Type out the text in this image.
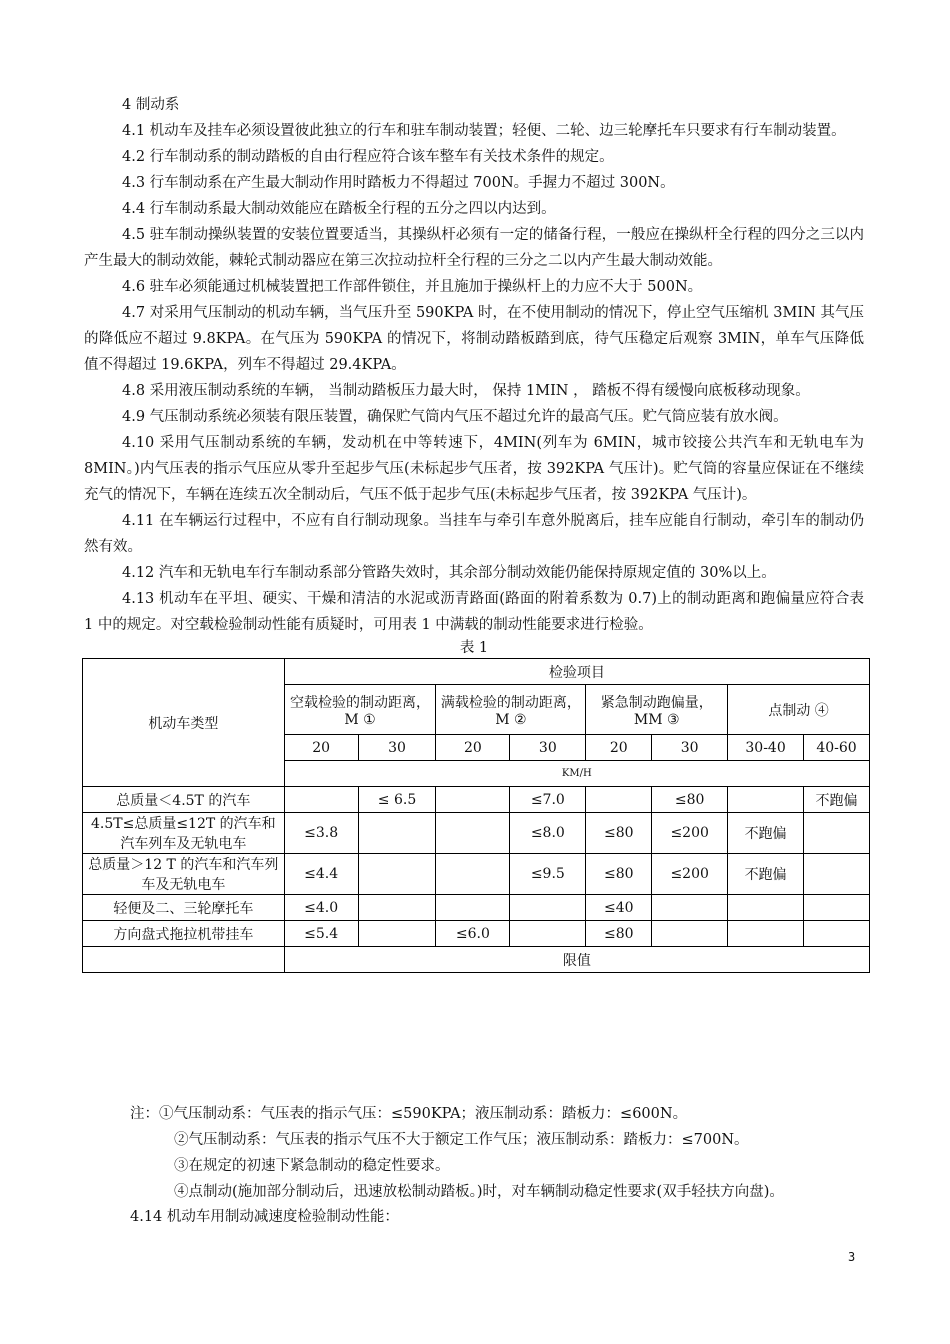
4 制动系

4.1 机动车及挂车必须设置彼此独立的行车和驻车制动装置；轻便、二轮、边三轮摩托车只要求有行车制动装置。

4.2 行车制动系的制动踏板的自由行程应符合该车整车有关技术条件的规定。

4.3 行车制动系在产生最大制动作用时踏板力不得超过 700N。手握力不超过 300N。

4.4 行车制动系最大制动效能应在踏板全行程的五分之四以内达到。

4.5 驻车制动操纵装置的安装位置要适当，其操纵杆必须有一定的储备行程，一般应在操纵杆全行程的四分之三以内产生最大的制动效能，棘轮式制动器应在第三次拉动拉杆全行程的三分之二以内产生最大制动效能。

4.6 驻车必须能通过机械装置把工作部件锁住，并且施加于操纵杆上的力应不大于 500N。

4.7 对采用气压制动的机动车辆，当气压升至 590KPA 时，在不使用制动的情况下，停止空气压缩机 3MIN 其气压的降低应不超过 9.8KPA。在气压为 590KPA 的情况下，将制动踏板踏到底，待气压稳定后观察 3MIN，单车气压降低值不得超过 19.6KPA，列车不得超过 29.4KPA。

4.8 采用液压制动系统的车辆， 当制动踏板压力最大时， 保持 1MIN ， 踏板不得有缓慢向底板移动现象。

4.9 气压制动系统必须装有限压装置，确保贮气筒内气压不超过允许的最高气压。贮气筒应装有放水阀。

4.10 采用气压制动系统的车辆，发动机在中等转速下，4MIN(列车为 6MIN，城市铰接公共汽车和无轨电车为 8MIN。)内气压表的指示气压应从零升至起步气压(未标起步气压者，按 392KPA 气压计)。贮气筒的容量应保证在不继续充气的情况下，车辆在连续五次全制动后，气压不低于起步气压(未标起步气压者，按 392KPA 气压计)。

4.11 在车辆运行过程中，不应有自行制动现象。当挂车与牵引车意外脱离后，挂车应能自行制动，牵引车的制动仍然有效。

4.12 汽车和无轨电车行车制动系部分管路失效时，其余部分制动效能仍能保持原规定值的 30%以上。

4.13 机动车在平坦、硬实、干燥和清洁的水泥或沥青路面(路面的附着系数为 0.7)上的制动距离和跑偏量应符合表 1 中的规定。对空载检验制动性能有质疑时，可用表 1 中满载的制动性能要求进行检验。

表 1

机动车类型	检验项目							
	空载检验的制动距离，M ①		满载检验的制动距离，M ②		紧急制动跑偏量，MM ③		点制动 ④	
	20	30	20	30	20	30	30-40	40-60
	KM/H							
总质量＜4.5T 的汽车		≤ 6.5		≤7.0		≤80		不跑偏
4.5T≤总质量≤12T 的汽车和汽车列车及无轨电车	≤3.8			≤8.0	≤80	≤200	不跑偏	
总质量＞12 T 的汽车和汽车列车及无轨电车	≤4.4			≤9.5	≤80	≤200	不跑偏	
轻便及二、三轮摩托车	≤4.0				≤40			
方向盘式拖拉机带挂车	≤5.4		≤6.0		≤80			
	限值							

注：①气压制动系：气压表的指示气压：≤590KPA；液压制动系：踏板力：≤600N。

②气压制动系：气压表的指示气压不大于额定工作气压；液压制动系：踏板力：≤700N。

③在规定的初速下紧急制动的稳定性要求。

④点制动(施加部分制动后，迅速放松制动踏板。)时，对车辆制动稳定性要求(双手轻扶方向盘)。

4.14 机动车用制动减速度检验制动性能：

3
